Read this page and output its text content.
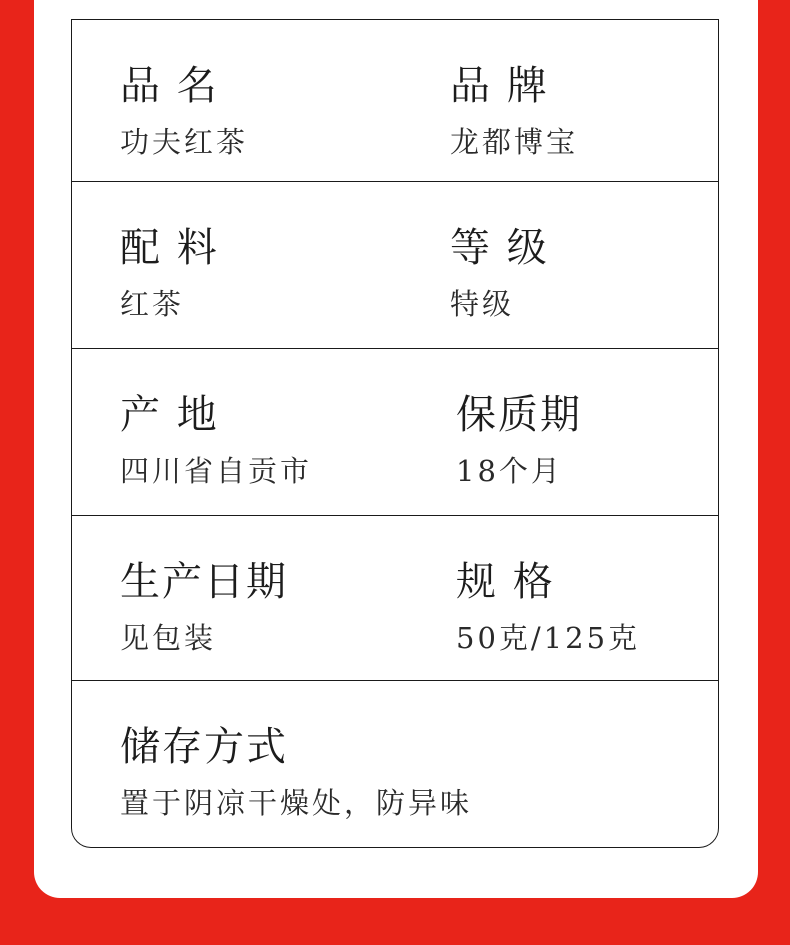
品 名
功夫红茶
品 牌
龙都博宝
配 料
红茶
等 级
特级
产 地
四川省自贡市
保质期
18个月
生产日期
见包装
规 格
50克/125克
储存方式
置于阴凉干燥处，防异味
